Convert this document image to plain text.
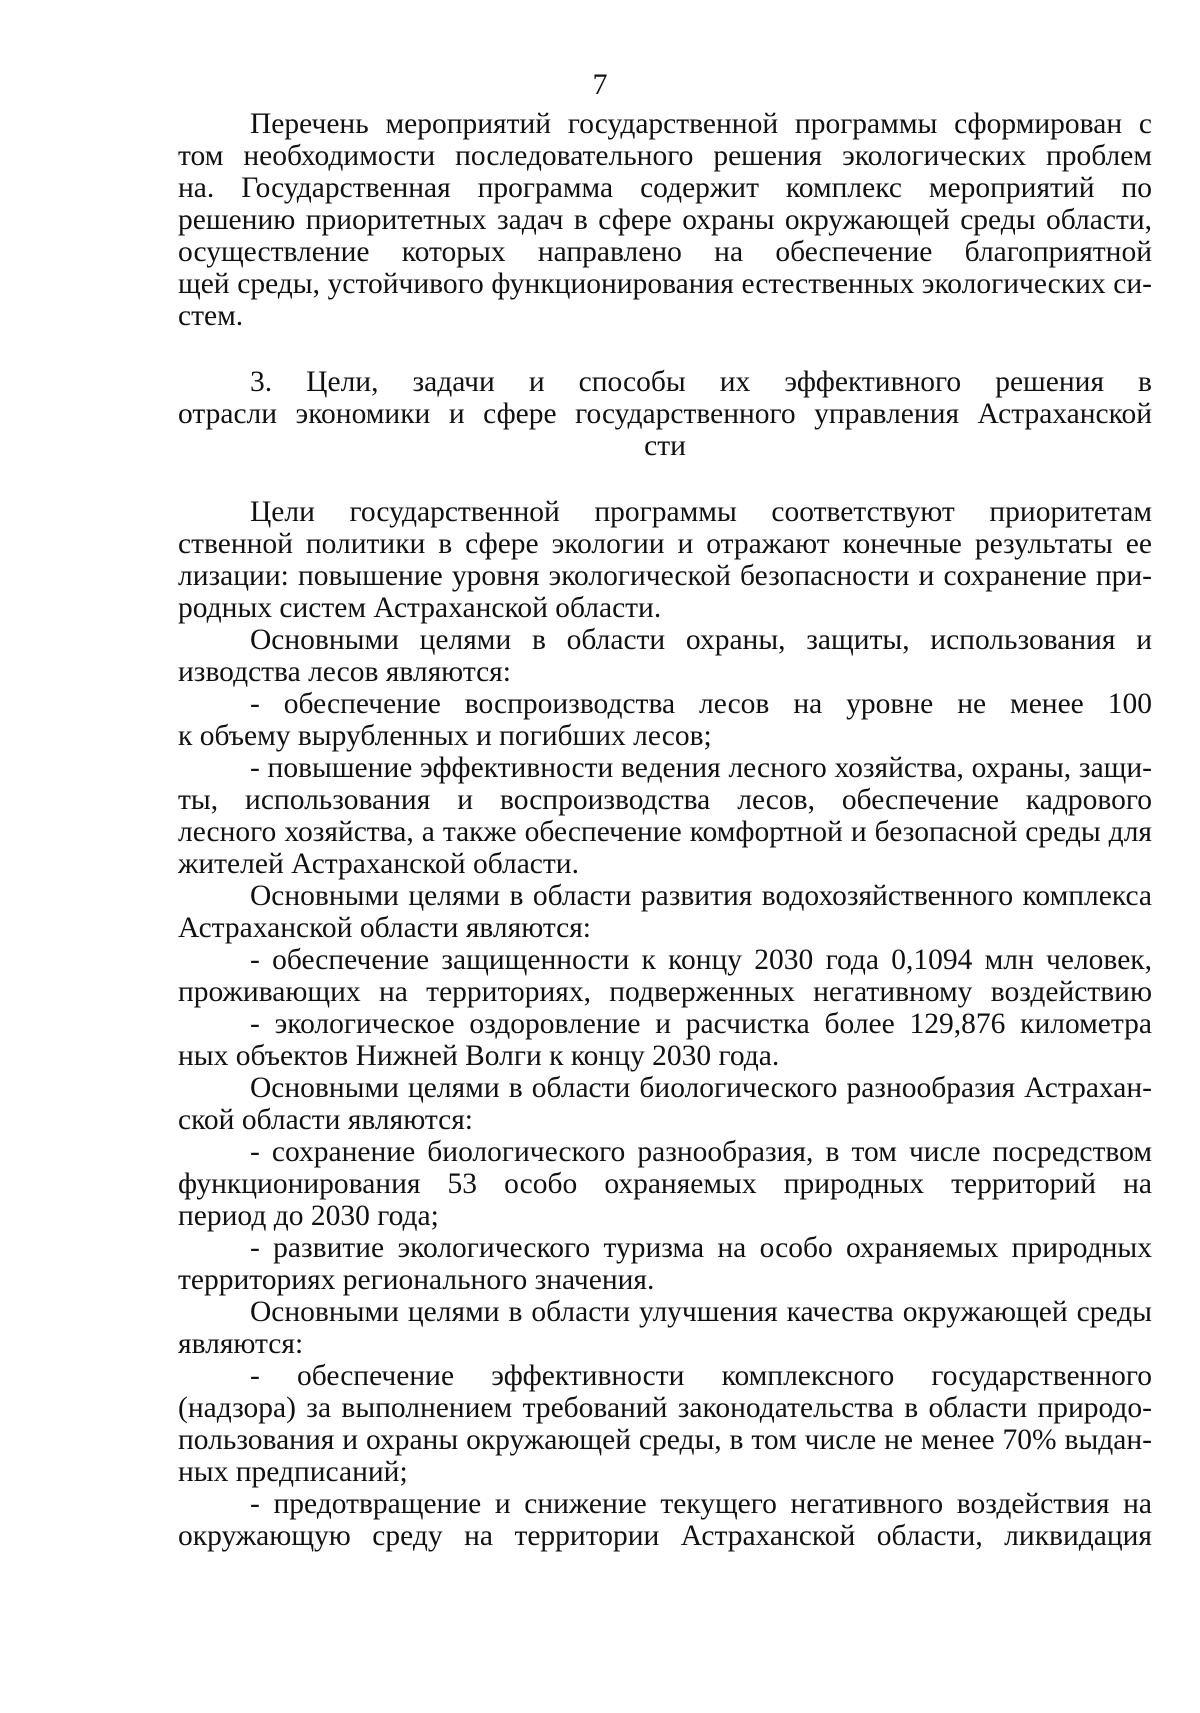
7
Перечень мероприятий государственной программы сформирован с
том необходимости последовательного решения экологических проблем
на. Государственная программа содержит комплекс мероприятий по
решению приоритетных задач в сфере охраны окружающей среды области,
осуществление которых направлено на обеспечение благоприятной
щей среды, устойчивого функционирования естественных экологических си-
стем.
3. Цели, задачи и способы их эффективного решения в
отрасли экономики и сфере государственного управления Астраханской
сти
Цели государственной программы соответствуют приоритетам
ственной политики в сфере экологии и отражают конечные результаты ее
лизации: повышение уровня экологической безопасности и сохранение при-
родных систем Астраханской области.
Основными целями в области охраны, защиты, использования и
изводства лесов являются:
- обеспечение воспроизводства лесов на уровне не менее 100
к объему вырубленных и погибших лесов;
- повышение эффективности ведения лесного хозяйства, охраны, защи-
ты, использования и воспроизводства лесов, обеспечение кадрового
лесного хозяйства, а также обеспечение комфортной и безопасной среды для
жителей Астраханской области.
Основными целями в области развития водохозяйственного комплекса
Астраханской области являются:
- обеспечение защищенности к концу 2030 года 0,1094 млн человек,
проживающих на территориях, подверженных негативному воздействию
- экологическое оздоровление и расчистка более 129,876 километра
ных объектов Нижней Волги к концу 2030 года.
Основными целями в области биологического разнообразия Астрахан-
ской области являются:
- сохранение биологического разнообразия, в том числе посредством
функционирования 53 особо охраняемых природных территорий на
период до 2030 года;
- развитие экологического туризма на особо охраняемых природных
территориях регионального значения.
Основными целями в области улучшения качества окружающей среды
являются:
- обеспечение эффективности комплексного государственного
(надзора) за выполнением требований законодательства в области природо-
пользования и охраны окружающей среды, в том числе не менее 70% выдан-
ных предписаний;
- предотвращение и снижение текущего негативного воздействия на
окружающую среду на территории Астраханской области, ликвидация
